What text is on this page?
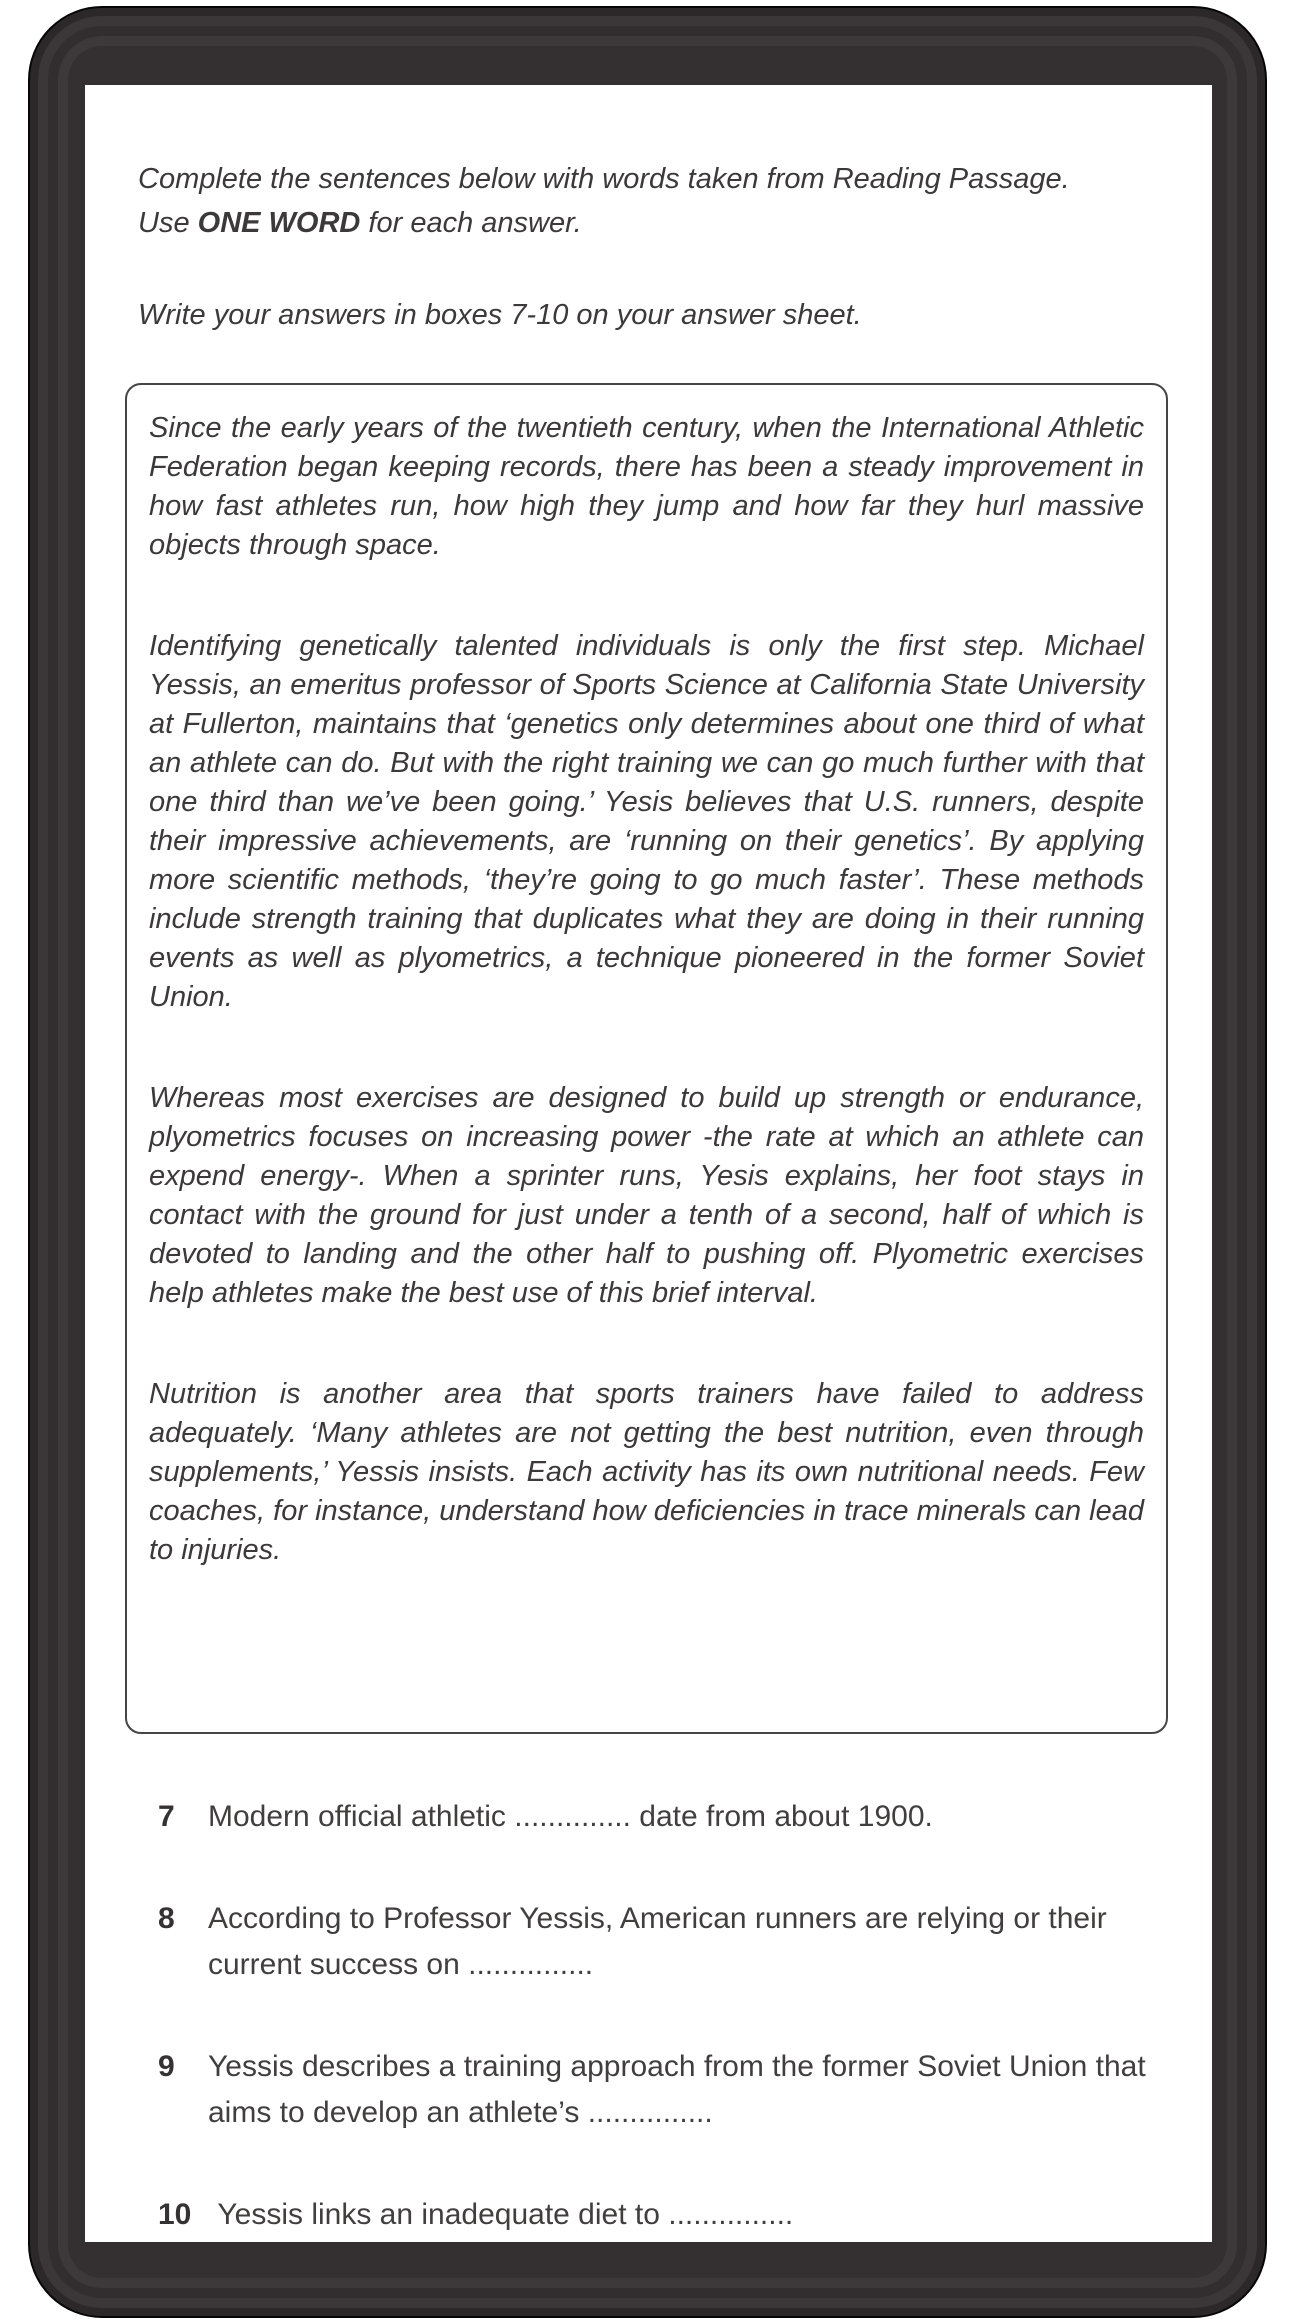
Complete the sentences below with words taken from Reading Passage.
Use ONE WORD for each answer.
Write your answers in boxes 7-10 on your answer sheet.

Since the early years of the twentieth century, when the International Athletic Federation began keeping records, there has been a steady improvement in how fast athletes run, how high they jump and how far they hurl massive objects through space.

Identifying genetically talented individuals is only the first step. Michael Yessis, an emeritus professor of Sports Science at California State University at Fullerton, maintains that ‘genetics only determines about one third of what an athlete can do. But with the right training we can go much further with that one third than we’ve been going.’ Yesis believes that U.S. runners, despite their impressive achievements, are ‘running on their genetics’. By applying more scientific methods, ‘they’re going to go much faster’. These methods include strength training that duplicates what they are doing in their running events as well as plyometrics, a technique pioneered in the former Soviet Union.

Whereas most exercises are designed to build up strength or endurance, plyometrics focuses on increasing power -the rate at which an athlete can expend energy-. When a sprinter runs, Yesis explains, her foot stays in contact with the ground for just under a tenth of a second, half of which is devoted to landing and the other half to pushing off. Plyometric exercises help athletes make the best use of this brief interval.

Nutrition is another area that sports trainers have failed to address adequately. ‘Many athletes are not getting the best nutrition, even through supplements,’ Yessis insists. Each activity has its own nutritional needs. Few coaches, for instance, understand how deficiencies in trace minerals can lead to injuries.

7 Modern official athletic .............. date from about 1900.
8 According to Professor Yessis, American runners are relying or their current success on ...............
9 Yessis describes a training approach from the former Soviet Union that aims to develop an athlete’s ...............
10 Yessis links an inadequate diet to ...............
